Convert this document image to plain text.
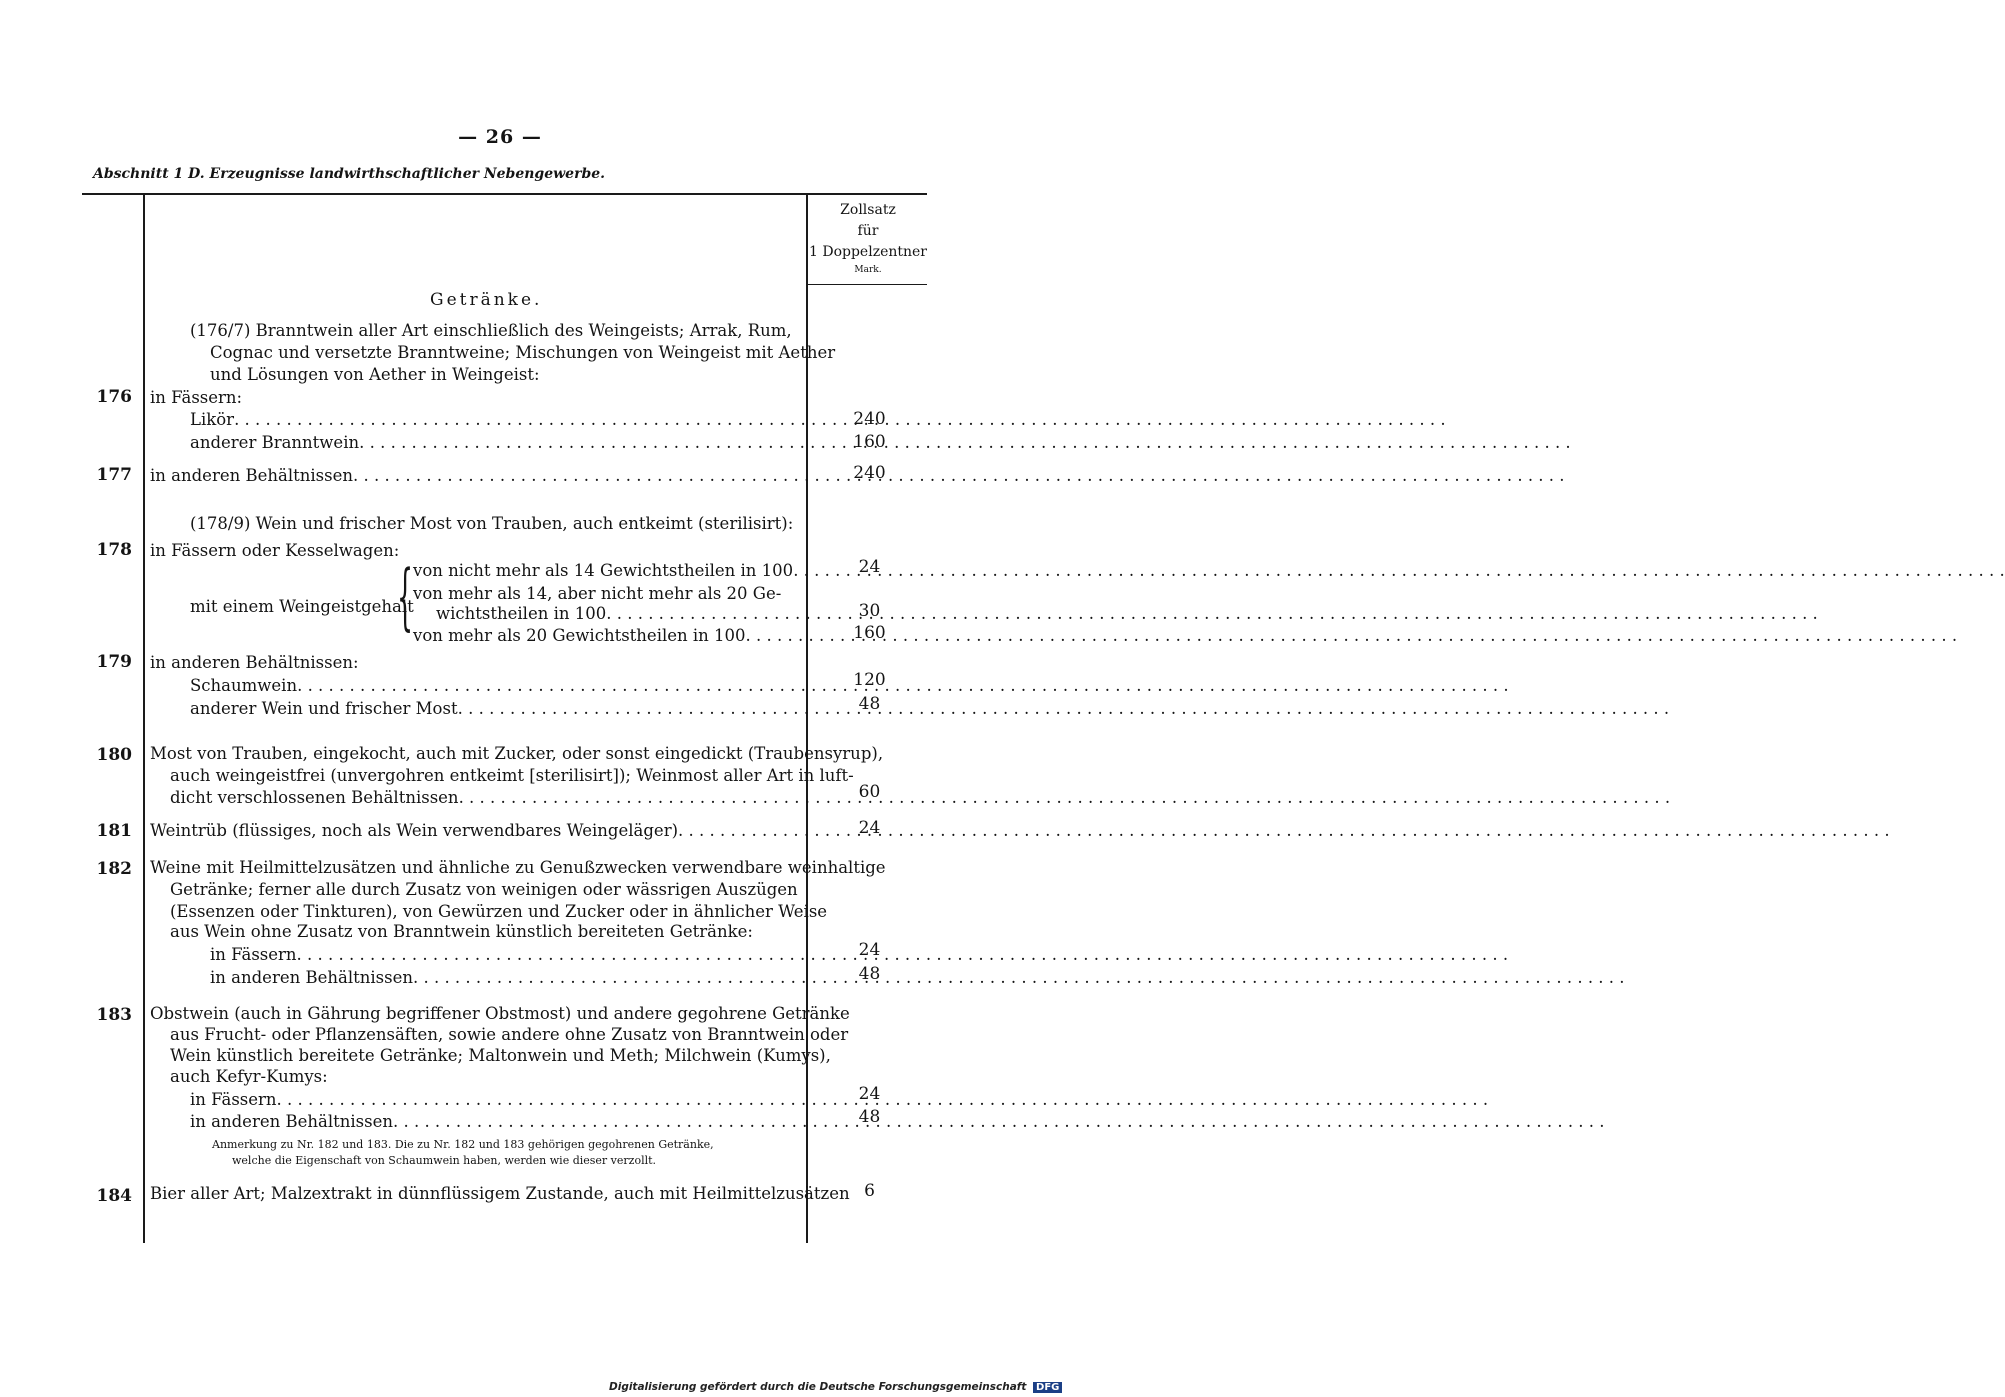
— 26 —
Abschnitt 1 D. Erzeugnisse landwirthschaftlicher Nebengewerbe.
Zollsatz
für
1 Doppelzentner
Mark.
Getränke.
(176/7) Branntwein aller Art einschließlich des Weingeists; Arrak, Rum,
Cognac und versetzte Branntweine; Mischungen von Weingeist mit Aether
und Lösungen von Aether in Weingeist:
176 in Fässern:
Likör . . .	240
anderer Branntwein . . .	160
177 in anderen Behältnissen . . .	240
(178/9) Wein und frischer Most von Trauben, auch entkeimt (sterilisirt):
178 in Fässern oder Kesselwagen:
mit einem Weingeistgehalt
{ von nicht mehr als 14 Gewichtstheilen in 100 . . .	24
von mehr als 14, aber nicht mehr als 20 Ge-
wichtstheilen in 100 . . .	30
von mehr als 20 Gewichtstheilen in 100 . . .	160
179 in anderen Behältnissen:
Schaumwein . . .	120
anderer Wein und frischer Most . . .	48
180 Most von Trauben, eingekocht, auch mit Zucker, oder sonst eingedickt (Traubensyrup),
auch weingeistfrei (unvergohren entkeimt [sterilisirt]); Weinmost aller Art in luft-
dicht verschlossenen Behältnissen . . .	60
181 Weintrüb (flüssiges, noch als Wein verwendbares Weingeläger) . . .	24
182 Weine mit Heilmittelzusätzen und ähnliche zu Genußzwecken verwendbare weinhaltige
Getränke; ferner alle durch Zusatz von weinigen oder wässrigen Auszügen
(Essenzen oder Tinkturen), von Gewürzen und Zucker oder in ähnlicher Weise
aus Wein ohne Zusatz von Branntwein künstlich bereiteten Getränke:
in Fässern . . .	24
in anderen Behältnissen . . .	48
183 Obstwein (auch in Gährung begriffener Obstmost) und andere gegohrene Getränke
aus Frucht- oder Pflanzensäften, sowie andere ohne Zusatz von Branntwein oder
Wein künstlich bereitete Getränke; Maltonwein und Meth; Milchwein (Kumys),
auch Kefyr-Kumys:
in Fässern . . .	24
in anderen Behältnissen . . .	48
Anmerkung zu Nr. 182 und 183. Die zu Nr. 182 und 183 gehörigen gegohrenen Getränke,
welche die Eigenschaft von Schaumwein haben, werden wie dieser verzollt.
184 Bier aller Art; Malzextrakt in dünnflüssigem Zustande, auch mit Heilmittelzusätzen 6
Digitalisierung gefördert durch die Deutsche Forschungsgemeinschaft DFG
